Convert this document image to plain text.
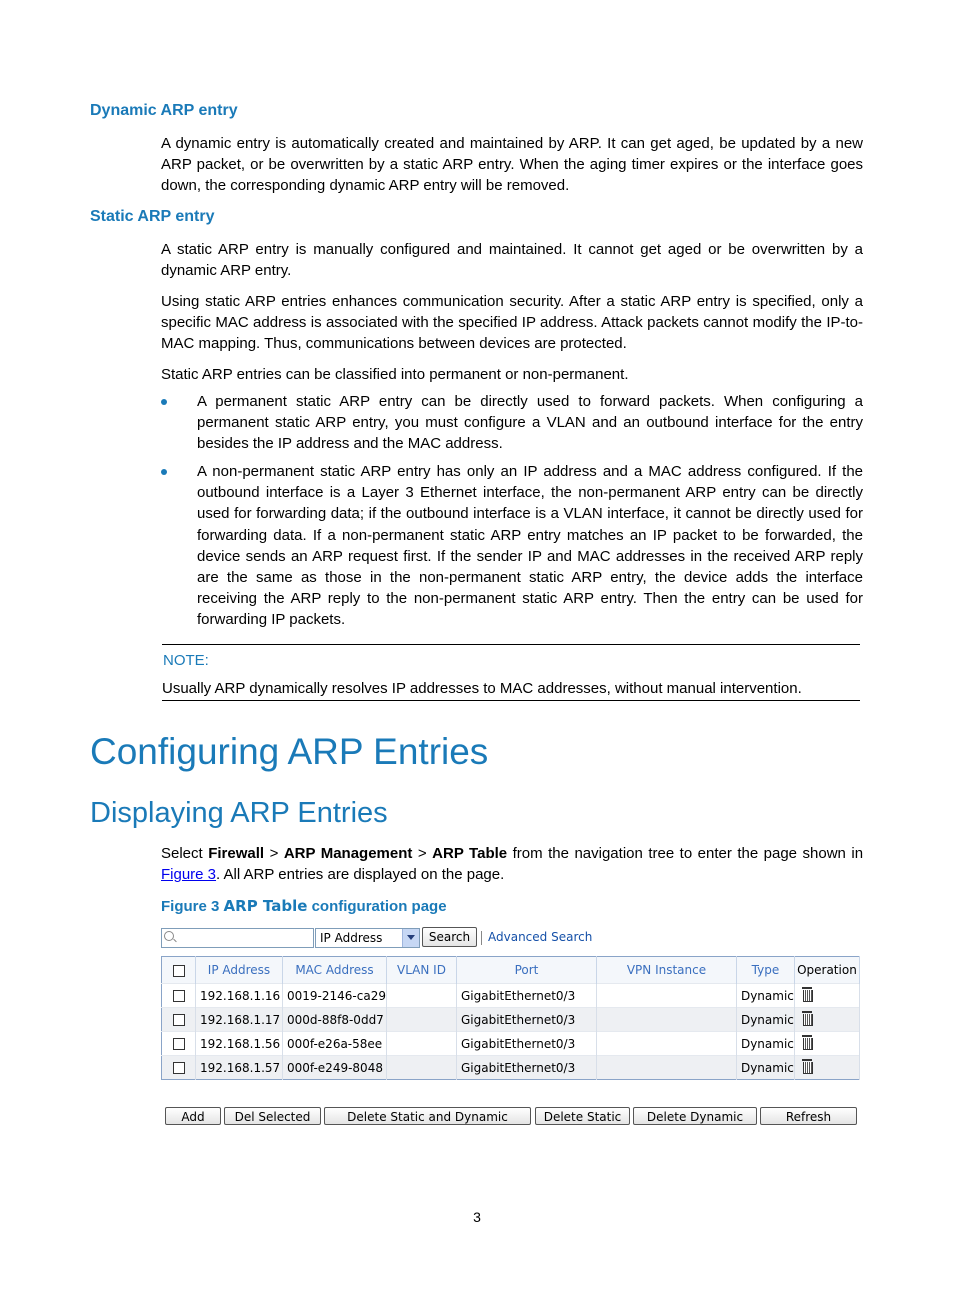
Dynamic ARP entry
A dynamic entry is automatically created and maintained by ARP. It can get aged, be updated by a new ARP packet, or be overwritten by a static ARP entry. When the aging timer expires or the interface goes down, the corresponding dynamic ARP entry will be removed.
Static ARP entry
A static ARP entry is manually configured and maintained. It cannot get aged or be overwritten by a dynamic ARP entry.
Using static ARP entries enhances communication security. After a static ARP entry is specified, only a specific MAC address is associated with the specified IP address. Attack packets cannot modify the IP-to-MAC mapping. Thus, communications between devices are protected.
Static ARP entries can be classified into permanent or non-permanent.
A permanent static ARP entry can be directly used to forward packets. When configuring a permanent static ARP entry, you must configure a VLAN and an outbound interface for the entry besides the IP address and the MAC address.
A non-permanent static ARP entry has only an IP address and a MAC address configured. If the outbound interface is a Layer 3 Ethernet interface, the non-permanent ARP entry can be directly used for forwarding data; if the outbound interface is a VLAN interface, it cannot be directly used for forwarding data. If a non-permanent static ARP entry matches an IP packet to be forwarded, the device sends an ARP request first. If the sender IP and MAC addresses in the received ARP reply are the same as those in the non-permanent static ARP entry, the device adds the interface receiving the ARP reply to the non-permanent static ARP entry. Then the entry can be used for forwarding IP packets.
NOTE:
Usually ARP dynamically resolves IP addresses to MAC addresses, without manual intervention.
Configuring ARP Entries
Displaying ARP Entries
Select Firewall > ARP Management > ARP Table from the navigation tree to enter the page shown in Figure 3. All ARP entries are displayed on the page.
Figure 3 ARP Table configuration page
IP Address	Search	Advanced Search
	IP Address	MAC Address	VLAN ID	Port	VPN Instance	Type	Operation
	192.168.1.16	0019-2146-ca29		GigabitEthernet0/3		Dynamic	
	192.168.1.17	000d-88f8-0dd7		GigabitEthernet0/3		Dynamic	
	192.168.1.56	000f-e26a-58ee		GigabitEthernet0/3		Dynamic	
	192.168.1.57	000f-e249-8048		GigabitEthernet0/3		Dynamic	
Add	Del Selected	Delete Static and Dynamic	Delete Static	Delete Dynamic	Refresh
3
